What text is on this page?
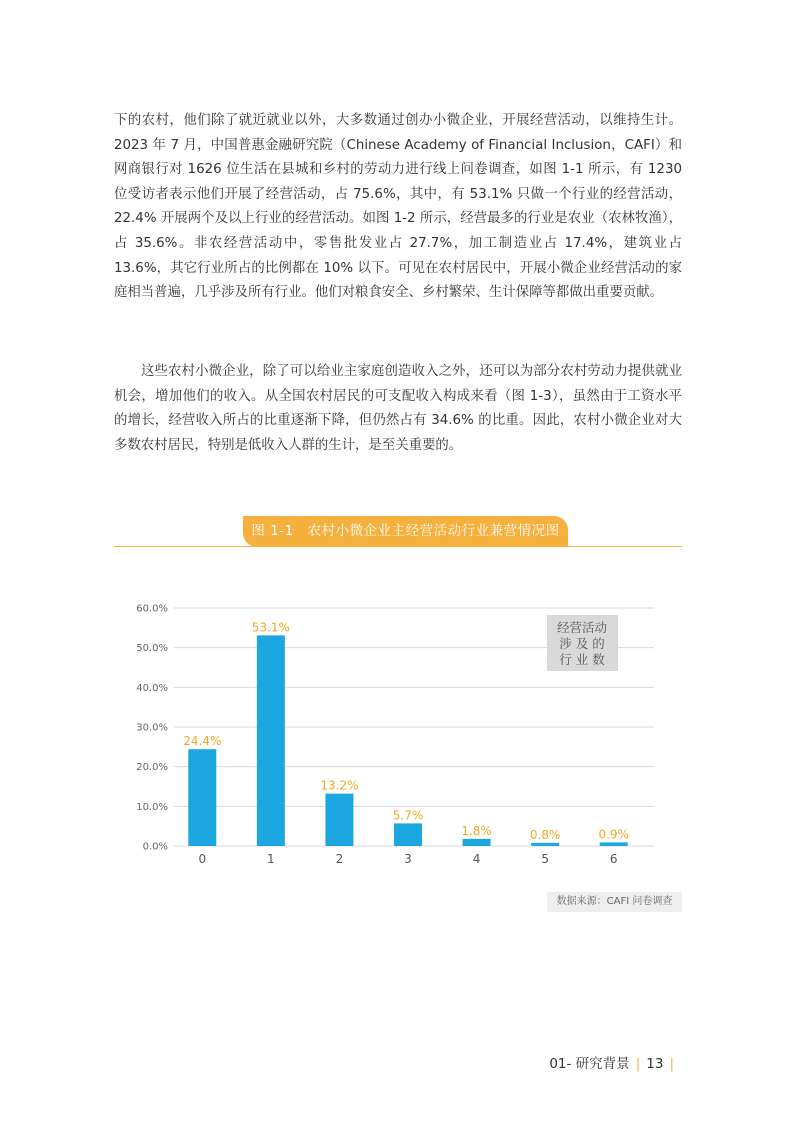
下的农村，他们除了就近就业以外，大多数通过创办小微企业，开展经营活动，以维持生计。2023 年 7 月，中国普惠金融研究院（Chinese Academy of Financial Inclusion，CAFI）和网商银行对 1626 位生活在县城和乡村的劳动力进行线上问卷调查，如图 1-1 所示，有 1230 位受访者表示他们开展了经营活动，占 75.6%，其中，有 53.1% 只做一个行业的经营活动，22.4% 开展两个及以上行业的经营活动。如图 1-2 所示，经营最多的行业是农业（农林牧渔），占 35.6%。非农经营活动中，零售批发业占 27.7%，加工制造业占 17.4%，建筑业占 13.6%，其它行业所占的比例都在 10% 以下。可见在农村居民中，开展小微企业经营活动的家庭相当普遍，几乎涉及所有行业。他们对粮食安全、乡村繁荣、生计保障等都做出重要贡献。

这些农村小微企业，除了可以给业主家庭创造收入之外，还可以为部分农村劳动力提供就业机会，增加他们的收入。从全国农村居民的可支配收入构成来看（图 1-3），虽然由于工资水平的增长，经营收入所占的比重逐渐下降，但仍然占有 34.6% 的比重。因此，农村小微企业对大多数农村居民，特别是低收入人群的生计，是至关重要的。

图 1-1　农村小微企业主经营活动行业兼营情况图
0.0%
10.0%
20.0%
30.0%
40.0%
50.0%
60.0%
24.4%
53.1%
13.2%
5.7%
1.8%	0.8%	0.9%
0	1	2	3	4	5	6
经营活动
涉 及 的
行 业 数
数据来源：CAFI 问卷调查
01- 研究背景 | 13 |
